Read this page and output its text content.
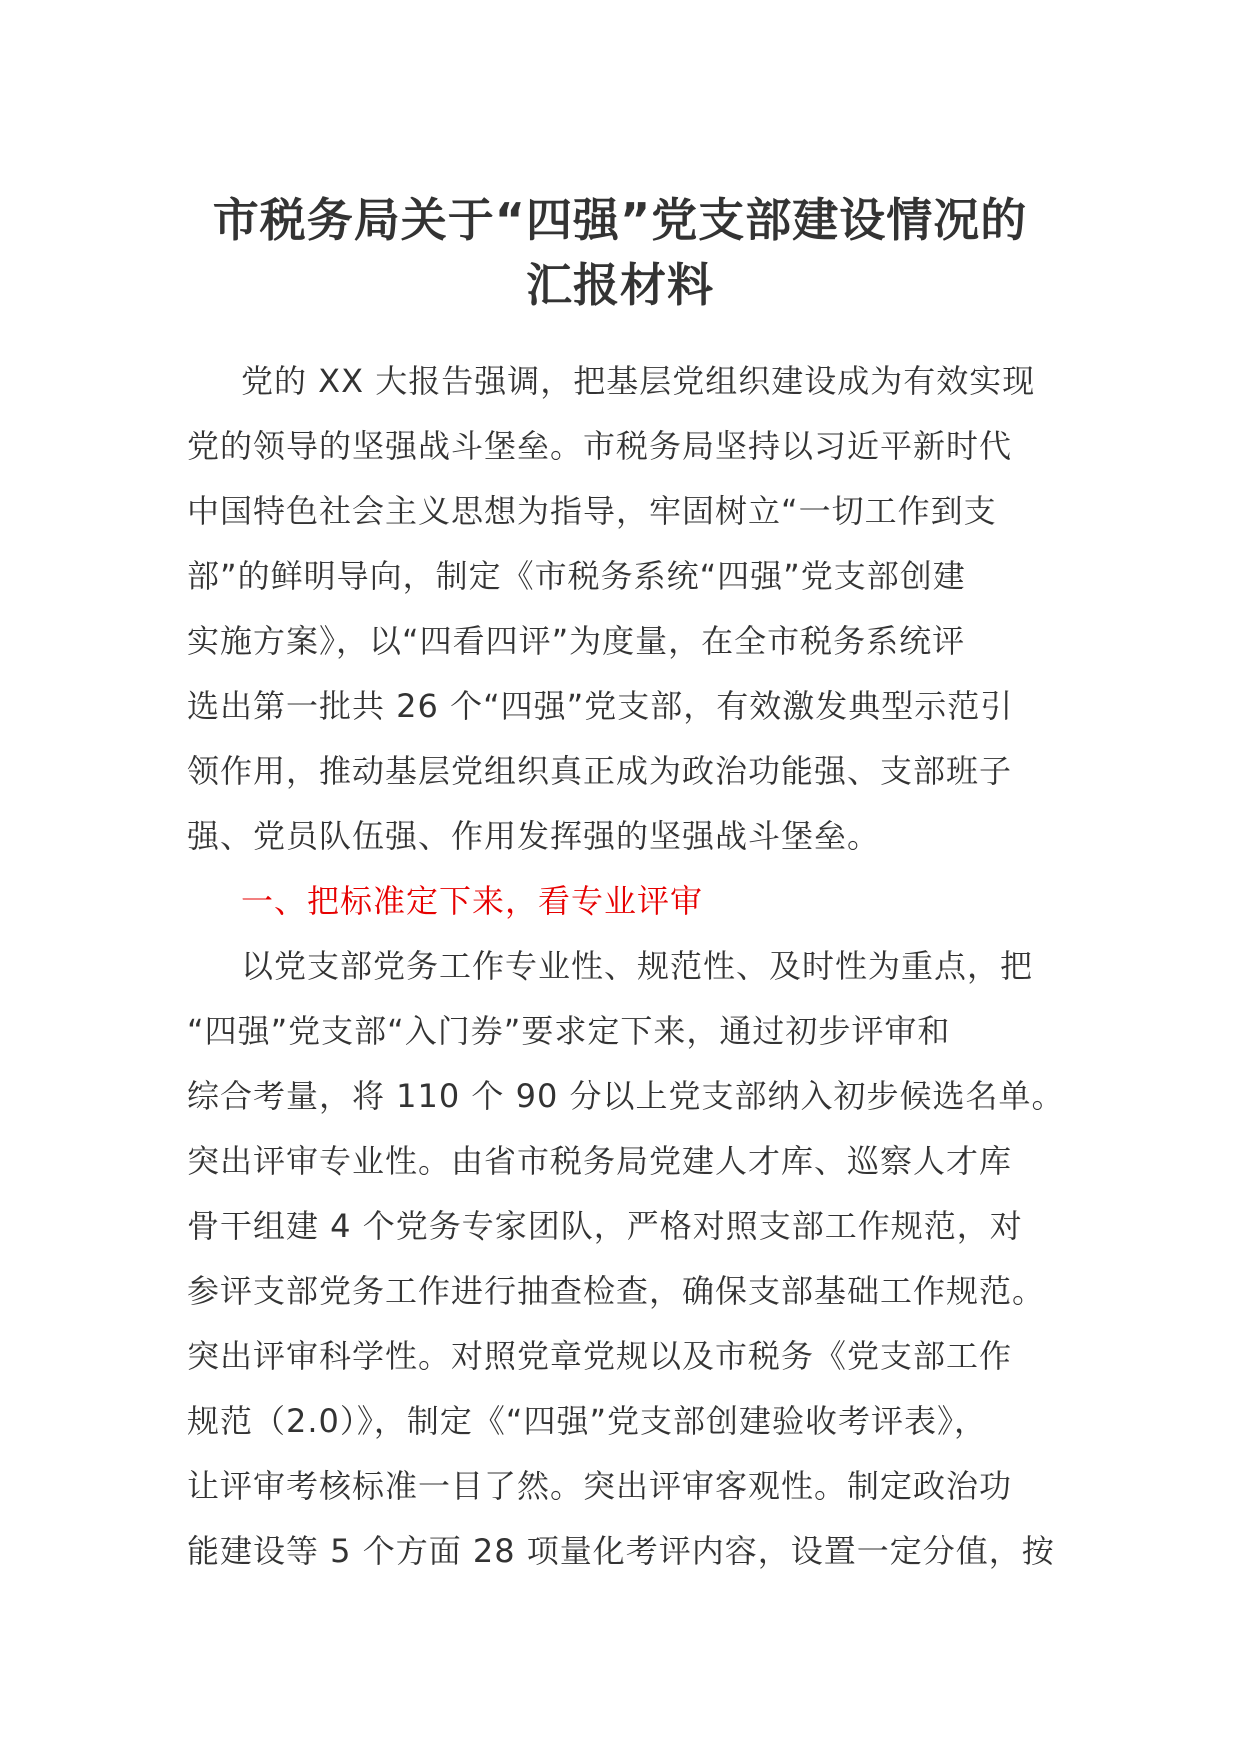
市税务局关于“四强”党支部建设情况的
汇报材料
党的 XX 大报告强调，把基层党组织建设成为有效实现
党的领导的坚强战斗堡垒。市税务局坚持以习近平新时代
中国特色社会主义思想为指导，牢固树立“一切工作到支
部”的鲜明导向，制定《市税务系统“四强”党支部创建
实施方案》，以“四看四评”为度量，在全市税务系统评
选出第一批共 26 个“四强”党支部，有效激发典型示范引
领作用，推动基层党组织真正成为政治功能强、支部班子
强、党员队伍强、作用发挥强的坚强战斗堡垒。
一、把标准定下来，看专业评审
以党支部党务工作专业性、规范性、及时性为重点，把
“四强”党支部“入门券”要求定下来，通过初步评审和
综合考量，将 110 个 90 分以上党支部纳入初步候选名单。
突出评审专业性。由省市税务局党建人才库、巡察人才库
骨干组建 4 个党务专家团队，严格对照支部工作规范，对
参评支部党务工作进行抽查检查，确保支部基础工作规范。
突出评审科学性。对照党章党规以及市税务《党支部工作
规范（2.0）》，制定《“四强”党支部创建验收考评表》，
让评审考核标准一目了然。突出评审客观性。制定政治功
能建设等 5 个方面 28 项量化考评内容，设置一定分值，按
